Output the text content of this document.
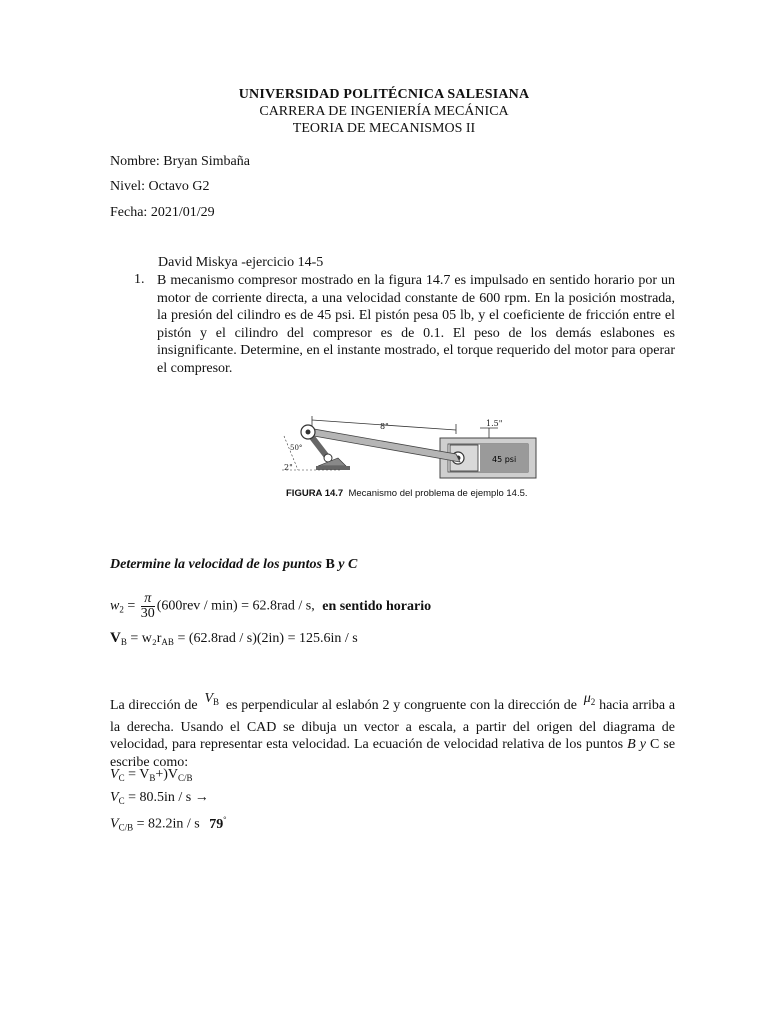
UNIVERSIDAD POLITÉCNICA SALESIANA
CARRERA DE INGENIERÍA MECÁNICA
TEORIA DE MECANISMOS II
Nombre: Bryan Simbaña
Nivel: Octavo G2
Fecha: 2021/01/29
David Miskya -ejercicio 14-5
1. B mecanismo compresor mostrado en la figura 14.7 es impulsado en sentido horario por un motor de corriente directa, a una velocidad constante de 600 rpm. En la posición mostrada, la presión del cilindro es de 45 psi. El pistón pesa 05 lb, y el coeficiente de fricción entre el pistón y el cilindro del compresor es de 0.1. El peso de los demás eslabones es insignificante. Determine, en el instante mostrado, el torque requerido del motor para operar el compresor.
8"	1.5"
45 psi
50°
2"
FIGURA 14.7 Mecanismo del problema de ejemplo 14.5.
Determine la velocidad de los puntos B y C
$w_2 = \frac{\pi}{30} (600rev / \min) = 62.8rad / s$, en sentido horario
$V_B = w_2r_{AB} = (62.8rad / s)(2in) = 125.6in / s$
La dirección de $V_B$ es perpendicular al eslabón 2 y congruente con la dirección de $\mu_2$ hacia arriba a la derecha. Usando el CAD se dibuja un vector a escala, a partir del origen del diagrama de velocidad, para representar esta velocidad. La ecuación de velocidad relativa de los puntos B y C se escribe como:
$V_C = V_B+)V_{C/B}$
$V_C = 80.5in / s$ →
$V_{C/B} = 82.2in / s$ 79°
